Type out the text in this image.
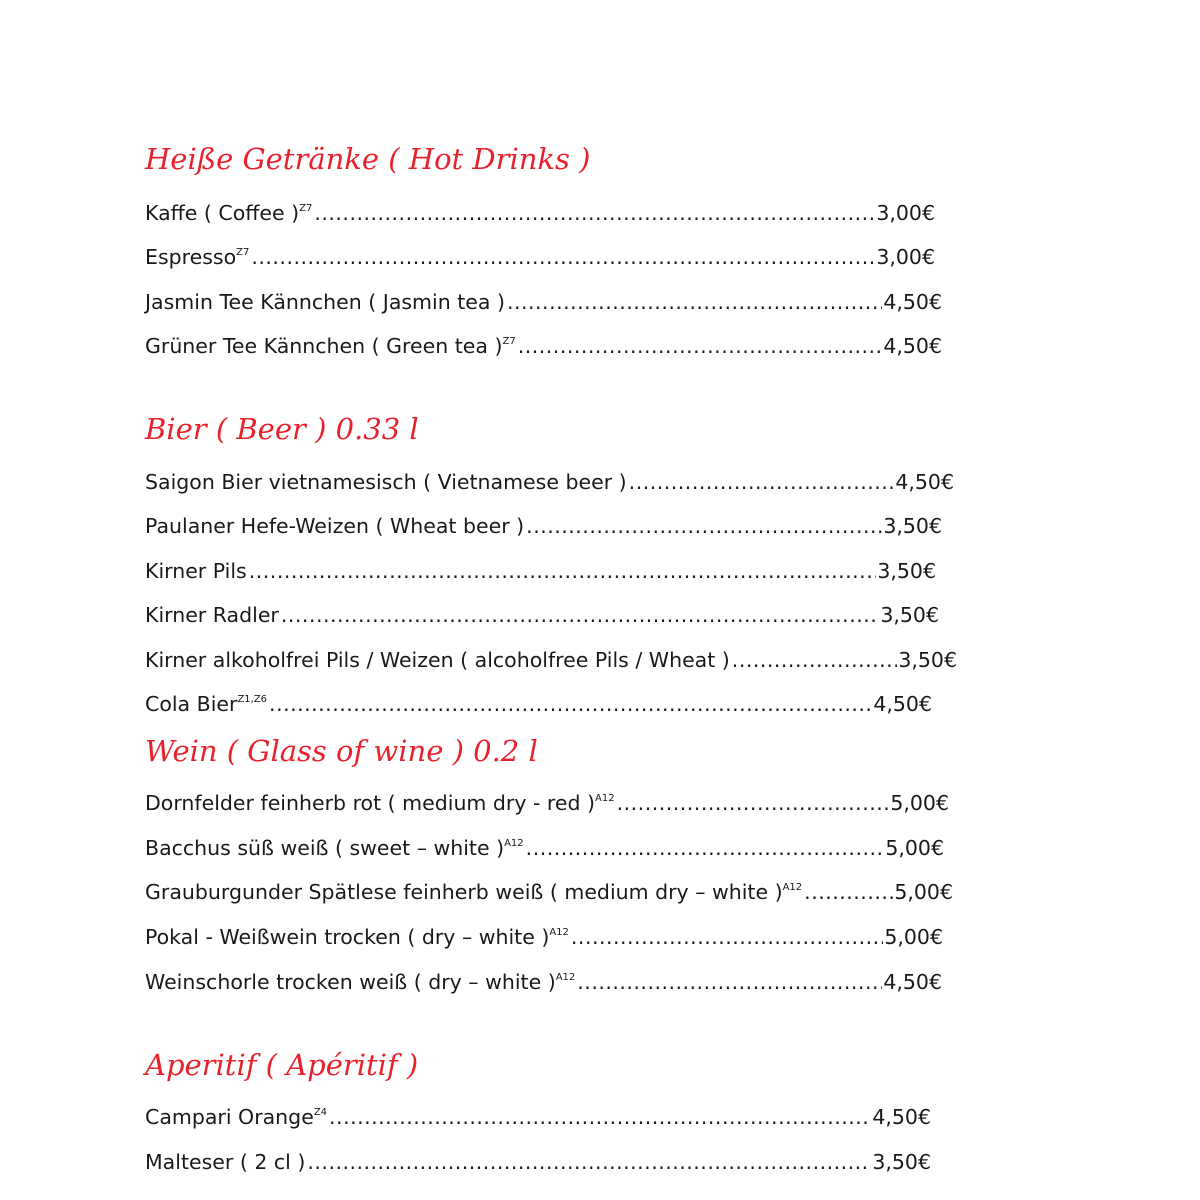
Heiße Getränke ( Hot Drinks )
Kaffe ( Coffee )$^{Z7}$ .....	3,00€
Espresso$^{Z7}$ .....	3,00€
Jasmin Tee Kännchen ( Jasmin tea ) .....	4,50€
Grüner Tee Kännchen ( Green tea )$^{Z7}$ .....	4,50€
Bier ( Beer ) 0.33 l
Saigon Bier vietnamesisch ( Vietnamese beer ) .....	4,50€
Paulaner Hefe-Weizen ( Wheat beer ) .....	3,50€
Kirner Pils .....	3,50€
Kirner Radler .....	3,50€
Kirner alkoholfrei Pils / Weizen ( alcoholfree Pils / Wheat ) .....	3,50€
Cola Bier$^{Z1,Z6}$ .....	4,50€
Wein ( Glass of wine ) 0.2 l
Dornfelder feinherb rot ( medium dry - red )$^{A12}$ .....	5,00€
Bacchus süß weiß ( sweet – white )$^{A12}$ .....	5,00€
Grauburgunder Spätlese feinherb weiß ( medium dry – white )$^{A12}$ .....	5,00€
Pokal - Weißwein trocken ( dry – white )$^{A12}$ .....	5,00€
Weinschorle trocken weiß ( dry – white )$^{A12}$ .....	4,50€
Aperitif ( Apéritif )
Campari Orange$^{Z4}$ .....	4,50€
Malteser ( 2 cl ) .....	3,50€
